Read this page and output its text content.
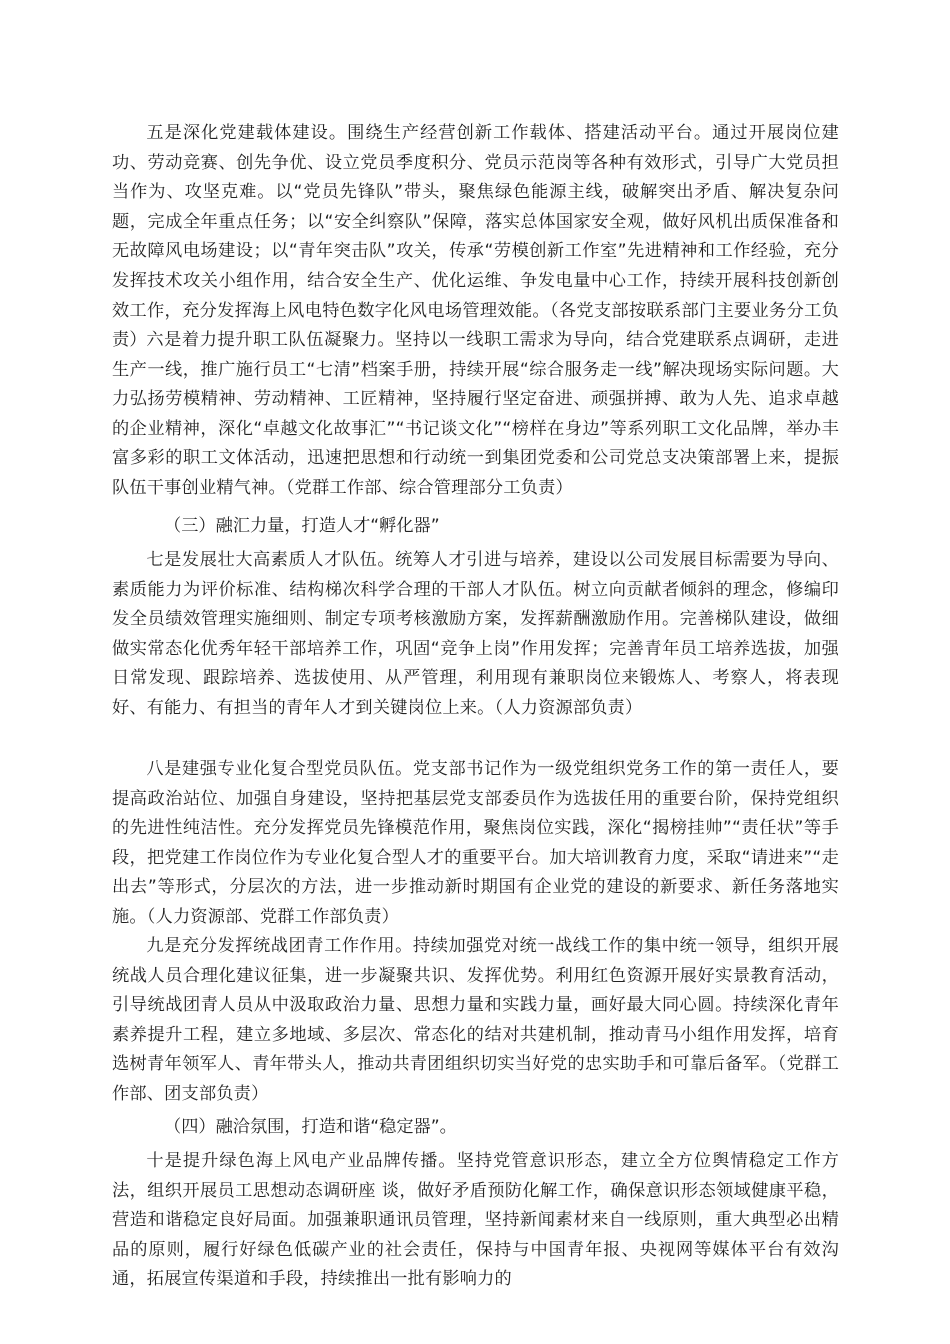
五是深化党建载体建设。围绕生产经营创新工作载体、搭建活动平台。通过开展岗位建功、劳动竞赛、创先争优、设立党员季度积分、党员示范岗等各种有效形式，引导广大党员担当作为、攻坚克难。以“党员先锋队”带头，聚焦绿色能源主线，破解突出矛盾、解决复杂问题，完成全年重点任务；以“安全纠察队”保障，落实总体国家安全观，做好风机出质保准备和无故障风电场建设；以“青年突击队”攻关，传承“劳模创新工作室”先进精神和工作经验，充分发挥技术攻关小组作用，结合安全生产、优化运维、争发电量中心工作，持续开展科技创新创效工作，充分发挥海上风电特色数字化风电场管理效能。（各党支部按联系部门主要业务分工负责） 六是着力提升职工队伍凝聚力。坚持以一线职工需求为导向，结合党建联系点调研，走进生产一线，推广施行员工“七清”档案手册，持续开展“综合服务走一线”解决现场实际问题。大力弘扬劳模精神、劳动精神、工匠精神，坚持履行坚定奋进、顽强拼搏、敢为人先、追求卓越的企业精神，深化“卓越文化故事汇”“书记谈文化”“榜样在身边”等系列职工文化品牌，举办丰富多彩的职工文体活动，迅速把思想和行动统一到集团党委和公司党总支决策部署上来，提振队伍干事创业精气神。（党群工作部、综合管理部分工负责）

（三）融汇力量，打造人才“孵化器”

七是发展壮大高素质人才队伍。统筹人才引进与培养，建设以公司发展目标需要为导向、素质能力为评价标准、结构梯次科学合理的干部人才队伍。树立向贡献者倾斜的理念，修编印发全员绩效管理实施细则、制定专项考核激励方案，发挥薪酬激励作用。完善梯队建设，做细做实常态化优秀年轻干部培养工作，巩固“竞争上岗”作用发挥；完善青年员工培养选拔，加强日常发现、跟踪培养、选拔使用、从严管理，利用现有兼职岗位来锻炼人、考察人，将表现好、有能力、有担当的青年人才到关键岗位上来。（人力资源部负责）

八是建强专业化复合型党员队伍。党支部书记作为一级党组织党务工作的第一责任人，要提高政治站位、加强自身建设，坚持把基层党支部委员作为选拔任用的重要台阶，保持党组织的先进性纯洁性。充分发挥党员先锋模范作用，聚焦岗位实践，深化“揭榜挂帅”“责任状”等手段，把党建工作岗位作为专业化复合型人才的重要平台。加大培训教育力度，采取“请进来”“走出去”等形式，分层次的方法，进一步推动新时期国有企业党的建设的新要求、新任务落地实施。（人力资源部、党群工作部负责）

九是充分发挥统战团青工作作用。持续加强党对统一战线工作的集中统一领导，组织开展统战人员合理化建议征集，进一步凝聚共识、发挥优势。利用红色资源开展好实景教育活动，引导统战团青人员从中汲取政治力量、思想力量和实践力量，画好最大同心圆。持续深化青年素养提升工程，建立多地域、多层次、常态化的结对共建机制，推动青马小组作用发挥，培育选树青年领军人、青年带头人，推动共青团组织切实当好党的忠实助手和可靠后备军。（党群工作部、团支部负责）

（四）融洽氛围，打造和谐“稳定器”。

十是提升绿色海上风电产业品牌传播。坚持党管意识形态，建立全方位舆情稳定工作方法，组织开展员工思想动态调研座 谈，做好矛盾预防化解工作，确保意识形态领域健康平稳，营造和谐稳定良好局面。加强兼职通讯员管理，坚持新闻素材来自一线原则，重大典型必出精品的原则，履行好绿色低碳产业的社会责任，保持与中国青年报、央视网等媒体平台有效沟通，拓展宣传渠道和手段，持续推出一批有影响力的
